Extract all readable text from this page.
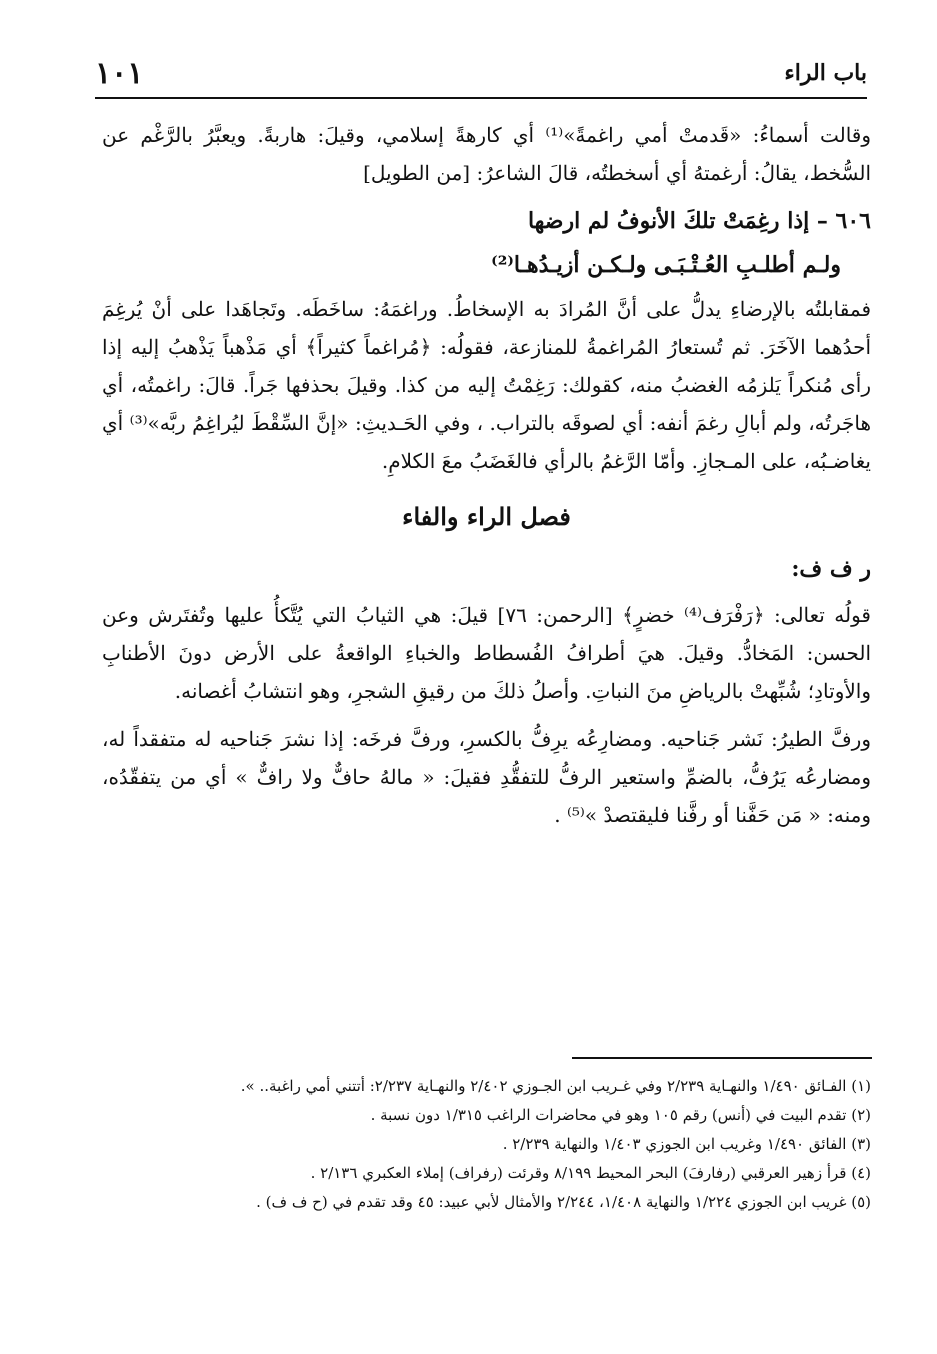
باب الراء
١٠١

وقالت أسماءُ: «قَدمتْ أمي راغمةً»⁽¹⁾ أي كارهةً إسلامي، وقيلَ: هاربةً. ويعبَّرُ بالرَّغْم عن السُّخط، يقالُ: أرغمتهُ أي أسخطتُه، قالَ الشاعرُ: [من الطويل]

٦٠٦ – إذا رغِمَتْ تلكَ الأنوفُ لم ارضها
ولـم أطلـبِ العُـتْـبَـى ولـكـن أزيـدُهـا⁽²⁾

فمقابلتُه بالإرضاءِ يدلُّ على أنَّ المُرادَ به الإسخاطُ. وراغمَهُ: ساخَطَه. وتَجاهَدا على أنْ يُرغِمَ أحدُهما الآخَرَ. ثم تُستعارُ المُراغمةُ للمنازعة، فقولُه: ﴿مُراغماً كثيراً﴾ أي مَذْهباً يَذْهبُ إليه إذا رأى مُنكراً يَلزمُه الغضبُ منه، كقولك: رَغِمْتُ إليه من كذا. وقيلَ بحذفها جَراً. قالَ: راغمتُه، أي هاجَرتُه، ولم أبالِ رغمَ أنفه: أي لصوقَه بالتراب. ، وفي الحَـديثِ: «إنَّ السِّقْطَ ليُراغِمُ ربَّه»⁽³⁾ أي يغاضـبُه، على المـجازِ. وأمّا الرَّغمُ بالرأي فالغَضَبُ معَ الكلامِ.

فصل الراء والفاء
ر ف ف:

قولُه تعالى: ﴿رَفْرَف⁽⁴⁾ خضرٍ﴾ [الرحمن: ٧٦] قيلَ: هي الثيابُ التي يُتَّكأُ عليها وتُفتَرش وعن الحسن: المَخادُّ. وقيلَ. هيَ أطرافُ الفُسطاط والخباءِ الواقعةُ على الأرض دونَ الأطنابِ والأوتادِ؛ شُبِّهتْ بالرياضِ منَ النباتِ. وأصلُ ذلكَ من رقيقِ الشجرِ، وهو انتشابُ أغصانه.

ورفَّ الطيرُ: نَشر جَناحيه. ومضارِعُه يرِفُّ بالكسرِ، ورفَّ فرخَه: إذا نشرَ جَناحيه له متفقداً له، ومضارعُه يَرُفُّ، بالضمِّ واستعير الرفُّ للتفقُّدِ فقيلَ: « مالهُ حافٌّ ولا رافٌّ » أي من يتفقّدُه، ومنه: « مَن حَفَّنا أو رفَّنا فليقتصدْ »⁽⁵⁾ .

(١) الفـائق ١/٤٩٠ والنهـاية ٢/٢٣٩ وفي غـريب ابن الجـوزي ٢/٤٠٢ والنهـاية ٢/٢٣٧: أتتني أمي راغبة.. ».

(٢) تقدم البيت في (أنس) رقم ١٠٥ وهو في محاضرات الراغب ١/٣١٥ دون نسبة .

(٣) الفائق ١/٤٩٠ وغريب ابن الجوزي ١/٤٠٣ والنهاية ٢/٢٣٩ .

(٤) قرأ زهير العرقبي (رفارفَ) البحر المحيط ٨/١٩٩ وقرئت (رفراف) إملاء العكبري ٢/١٣٦ .

(٥) غريب ابن الجوزي ١/٢٢٤ والنهاية ١/٤٠٨، ٢/٢٤٤ والأمثال لأبي عبيد: ٤٥ وقد تقدم في (ح ف ف) .
